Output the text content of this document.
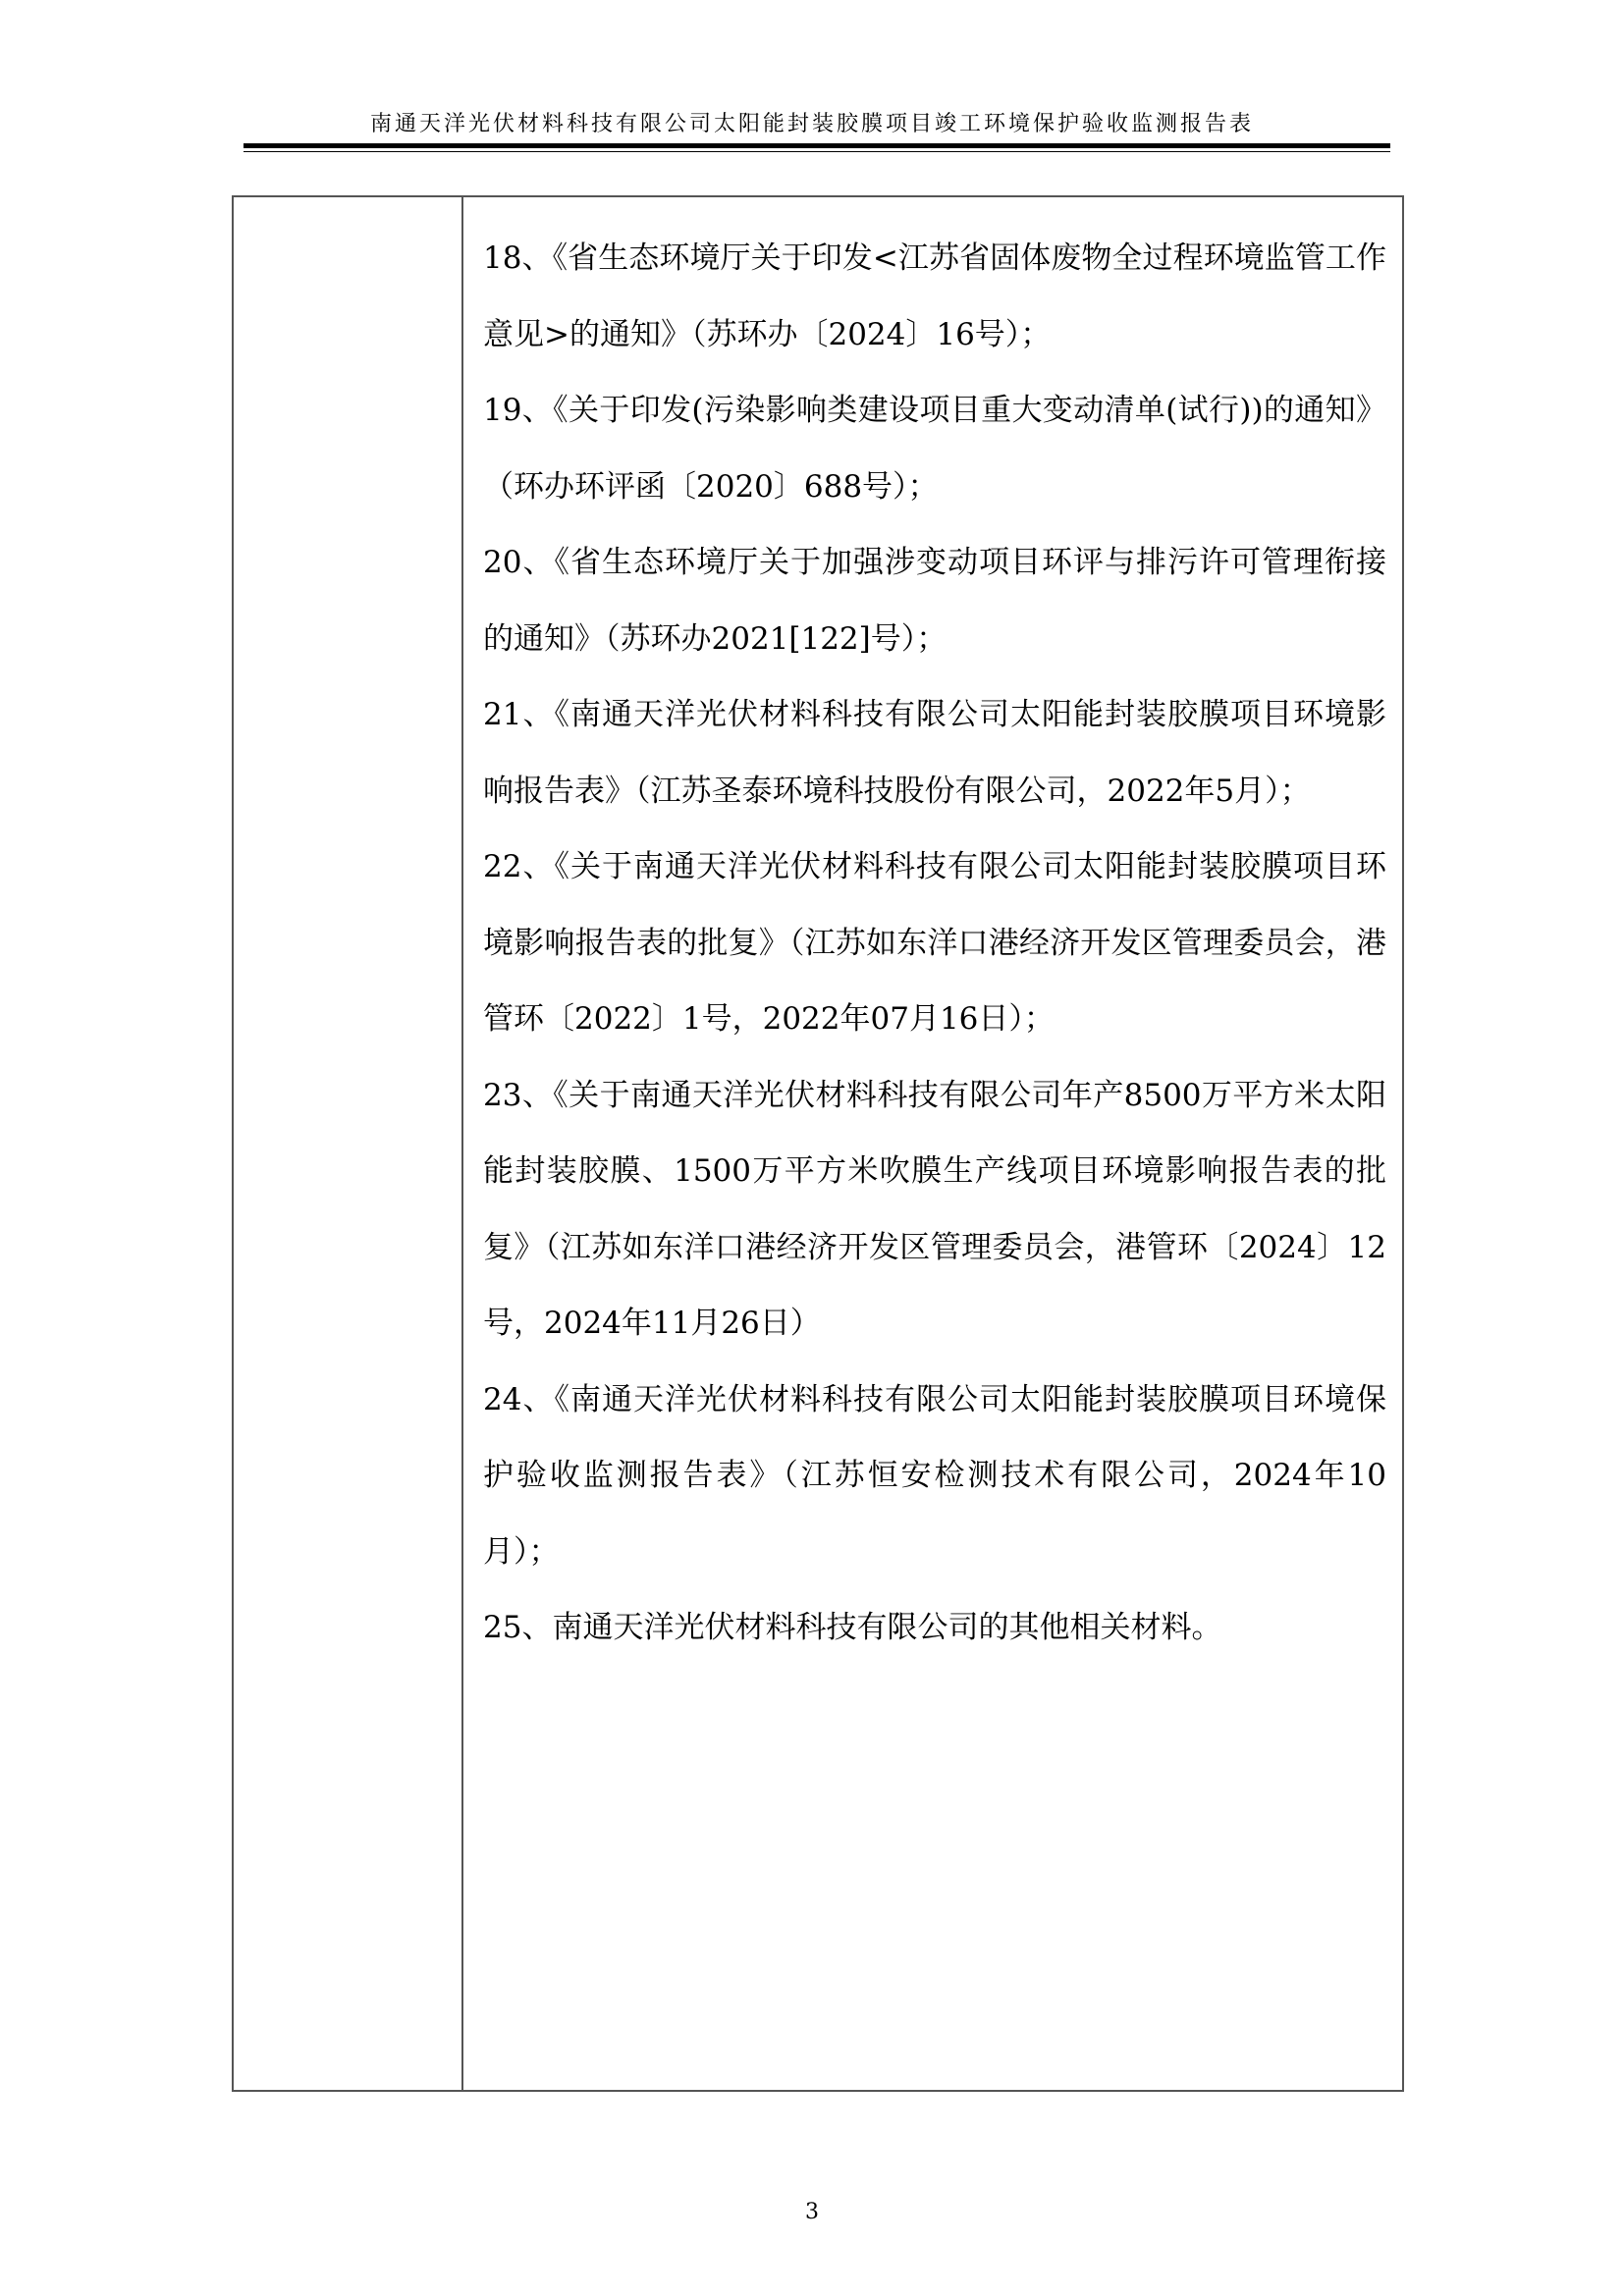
南通天洋光伏材料科技有限公司太阳能封装胶膜项目竣工环境保护验收监测报告表
18、《省生态环境厅关于印发<江苏省固体废物全过程环境监管工作意见>的通知》（苏环办〔2024〕16号）；
19、《关于印发(污染影响类建设项目重大变动清单(试行))的通知》（环办环评函〔2020〕688号）；
20、《省生态环境厅关于加强涉变动项目环评与排污许可管理衔接的通知》（苏环办2021[122]号）；
21、《南通天洋光伏材料科技有限公司太阳能封装胶膜项目环境影响报告表》（江苏圣泰环境科技股份有限公司，2022年5月）；
22、《关于南通天洋光伏材料科技有限公司太阳能封装胶膜项目环境影响报告表的批复》（江苏如东洋口港经济开发区管理委员会，港管环〔2022〕1号，2022年07月16日）；
23、《关于南通天洋光伏材料科技有限公司年产8500万平方米太阳能封装胶膜、1500万平方米吹膜生产线项目环境影响报告表的批复》（江苏如东洋口港经济开发区管理委员会，港管环〔2024〕12号，2024年11月26日）
24、《南通天洋光伏材料科技有限公司太阳能封装胶膜项目环境保护验收监测报告表》（江苏恒安检测技术有限公司，2024年10月）；
25、南通天洋光伏材料科技有限公司的其他相关材料。
3
